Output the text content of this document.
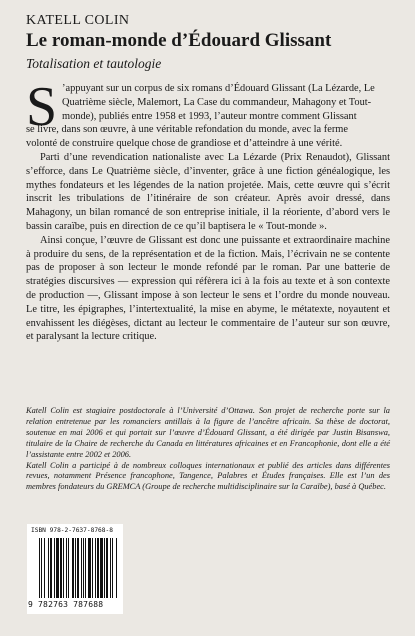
KATELL COLIN
Le roman-monde d’Édouard Glissant
Totalisation et tautologie

S ’appuyant sur un corpus de six romans d’Édouard Glissant (La Lézarde, Le
Quatrième siècle, Malemort, La Case du commandeur, Mahagony et Tout-
monde), publiés entre 1958 et 1993, l’auteur montre comment Glissant
se livre, dans son œuvre, à une véritable refondation du monde, avec la ferme
volonté de construire quelque chose de grandiose et d’atteindre à une vérité.

Parti d’une revendication nationaliste avec La Lézarde (Prix Renaudot), Glissant s’efforce, dans Le Quatrième siècle, d’inventer, grâce à une fiction généalogique, les mythes fondateurs et les légendes de la nation projetée. Mais, cette œuvre qui s’écrit inscrit les tribulations de l’itinéraire de son créateur. Après avoir dressé, dans Mahagony, un bilan romancé de son entreprise initiale, il la réoriente, d’abord vers le bassin caraïbe, puis en direction de ce qu’il baptisera le « Tout-monde ».

Ainsi conçue, l’œuvre de Glissant est donc une puissante et extraordinaire machine à produire du sens, de la représentation et de la fiction. Mais, l’écrivain ne se contente pas de proposer à son lecteur le monde refondé par le roman. Par une batterie de stratégies discursives — expression qui réfèrera ici à la fois au texte et à son contexte de production —, Glissant impose à son lecteur le sens et l’ordre du monde nouveau. Le titre, les épigraphes, l’intertextualité, la mise en abyme, le métatexte, noyautent et envahissent les diégèses, dictant au lecteur le commentaire de l’auteur sur son œuvre, et paralysant la lecture critique.

Katell Colin est stagiaire postdoctorale à l’Université d’Ottawa. Son projet de recherche porte sur la relation entretenue par les romanciers antillais à la figure de l’ancêtre africain. Sa thèse de doctorat, soutenue en mai 2006 et qui portait sur l’œuvre d’Édouard Glissant, a été dirigée par Justin Bisanswa, titulaire de la Chaire de recherche du Canada en littératures africaines et en Francophonie, dont elle a été l’assistante entre 2002 et 2006.

Katell Colin a participé à de nombreux colloques internationaux et publié des articles dans différentes revues, notamment Présence francophone, Tangence, Palabres et Études françaises. Elle est l’un des membres fondateurs du GREMCA (Groupe de recherche multidisciplinaire sur la Caraïbe), basé à Québec.

ISBN 978-2-7637-8768-8
9 782763 787688
